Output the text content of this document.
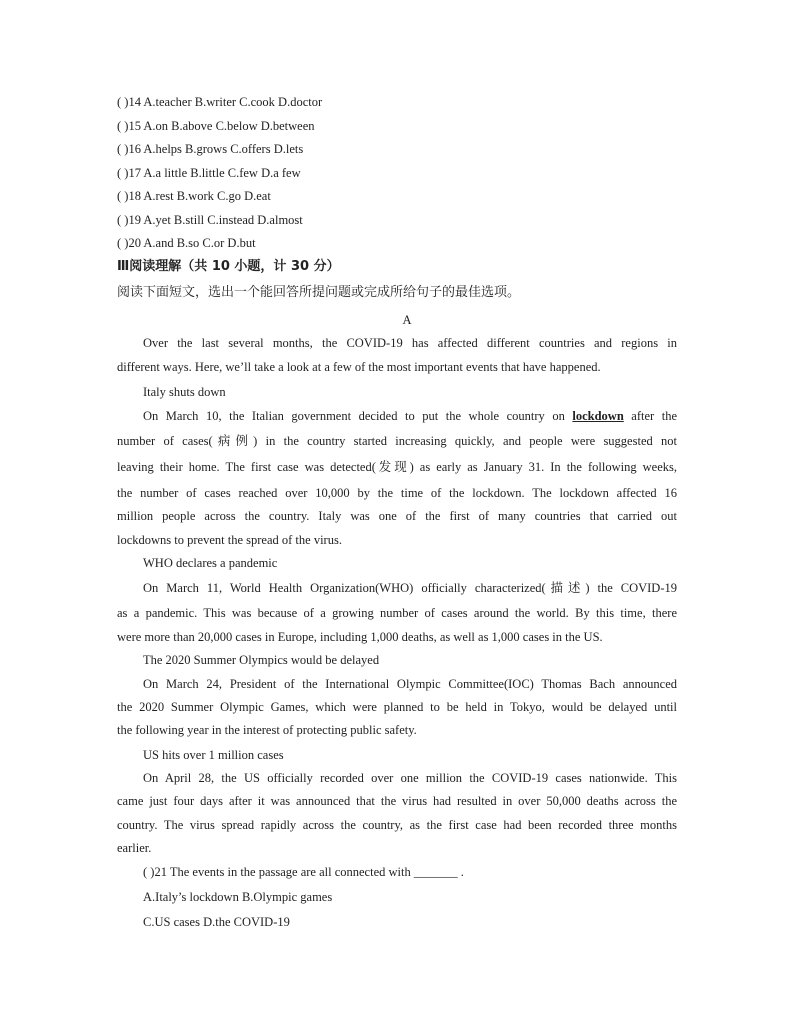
( )14 A.teacher B.writer C.cook D.doctor
( )15 A.on B.above C.below D.between
( )16 A.helps B.grows C.offers D.lets
( )17 A.a little B.little C.few D.a few
( )18 A.rest B.work C.go D.eat
( )19 A.yet B.still C.instead D.almost
( )20 A.and B.so C.or D.but
Ⅲ阅读理解（共 10 小题，计 30 分）
阅读下面短文，选出一个能回答所提问题或完成所给句子的最佳选项。
A
Over the last several months, the COVID-19 has affected different countries and regions in
different ways. Here, we’ll take a look at a few of the most important events that have happened.
Italy shuts down
On March 10, the Italian government decided to put the whole country on lockdown after the
number of cases(病例) in the country started increasing quickly, and people were suggested not
leaving their home. The first case was detected(发现) as early as January 31. In the following weeks,
the number of cases reached over 10,000 by the time of the lockdown. The lockdown affected 16
million people across the country. Italy was one of the first of many countries that carried out
lockdowns to prevent the spread of the virus.
WHO declares a pandemic
On March 11, World Health Organization(WHO) officially characterized(描述) the COVID-19
as a pandemic. This was because of a growing number of cases around the world. By this time, there
were more than 20,000 cases in Europe, including 1,000 deaths, as well as 1,000 cases in the US.
The 2020 Summer Olympics would be delayed
On March 24, President of the International Olympic Committee(IOC) Thomas Bach announced
the 2020 Summer Olympic Games, which were planned to be held in Tokyo, would be delayed until
the following year in the interest of protecting public safety.
US hits over 1 million cases
On April 28, the US officially recorded over one million the COVID-19 cases nationwide. This
came just four days after it was announced that the virus had resulted in over 50,000 deaths across the
country. The virus spread rapidly across the country, as the first case had been recorded three months
earlier.
( )21 The events in the passage are all connected with _______ .
A.Italy’s lockdown B.Olympic games
C.US cases D.the COVID-19
